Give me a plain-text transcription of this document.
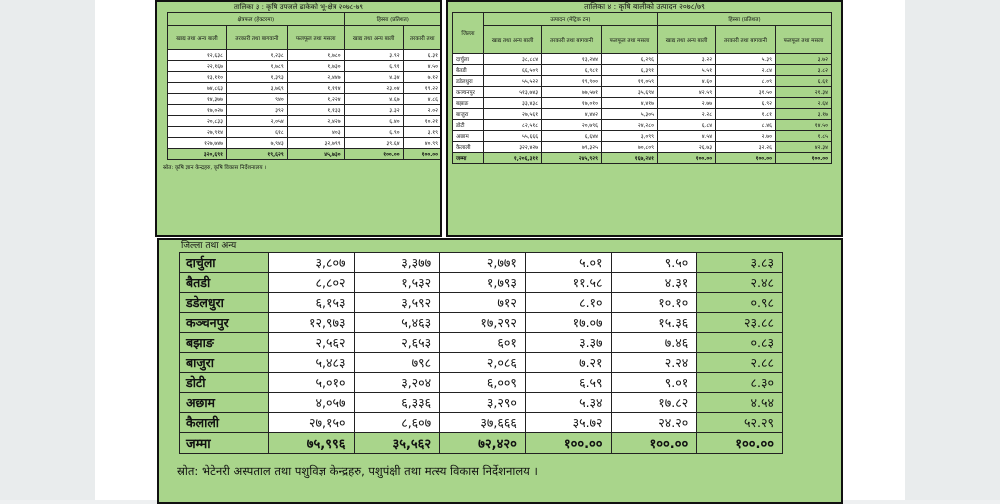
तालिका ३ : कृषि उपजले ढाकेको भू-क्षेत्र २०७८-७९
क्षेत्रफल (हेक्टरमा)			हिस्सा (प्रतिशत)	
खाद्य तथा अन्य बाली	तरकारी तथा बागवानी	फलफूल तथा मसला	खाद्य तथा अन्य बाली	तरकारी तथा
१२,६३८	१,२३८	१,७८०	३.९२	६.३१
२२,१६७	१,७८९	१,७३०	६.९१	४.५०
१३,११०	१,३९३	२,४४७	४.३४	७.१२
७४,८६३	३,७६९	१,११४	२३.०४	१९.२२
१४,३७७	९४०	१,२२४	४.६७	४.८६
१७,०२७	३९२	१,१३३	३.३२	२.०२
२०,८३३	२,०५४	२,४२७	६.४०	१०.२१
२७,९१४	६१८	४०३	६.९०	३.१९
१२७,७४७	७,९४३	३२,७९९	३९.६४	४०.९९
३२०,६९१	१९,६२९	४५,७३०	१००.००	१००.००
स्रोत: कृषि ज्ञान केन्द्रहरु, कृषि विकास निर्देशनालय ।
तालिका ४ : कृषि बालीको उत्पादन २०७८/७९
जिल्ला	उत्पादन (मेट्रिक टन)			हिस्सा (प्रतिशत)		
	खाद्य तथा अन्य बाली	तरकारी तथा बागवानी	फलफूल तथा मसला	खाद्य तथा अन्य बाली	तरकारी तथा बागवानी	फलफूल तथा मसला
दार्चुला	३८,८८४	१३,२४४	६,२९६	३.२२	५.३९	३.७२
बैतडी	६६,५०९	६,९८१	६,३९१	५.५१	२.८४	३.८२
डडेलधुरा	५५,५२२	१९,९००	११,०५९	४.६०	८.०९	६.६१
कञ्चनपुर	५१३,७४३	७७,५७१	३५,६९४	४२.५९	३१.५०	२१.३४
बझाङ	३३,४३८	१७,०१०	४,४१७	२.७७	६.९२	२.६४
बाजुरा	२७,५६१	४,४४२	५,३०५	२.२८	१.८१	३.१७
डोटी	८२,५१८	२०,७९६	२४,२८०	६.८४	८.४६	१४.५०
अछाम	५५,६६६	६,६४४	३,०९९	४.५४	२.७०	१.८५
कैलाली	३२२,४२७	७९,३२५	७०,८०९	२६.७३	३२.२६	४२.३४
जम्मा	१,२०६,३११	२४५,९२९	१६७,२४१	१००.००	१००.००	१००.००
जिल्ला तथा अन्य
दार्चुला	३,८०७	३,३७७	२,७७१	५.०१	९.५०	३.८३
बैतडी	८,८०२	१,५३२	१,७९३	११.५८	४.३१	२.४८
डडेलधुरा	६,१५३	३,५९२	७१२	८.१०	१०.१०	०.९८
कञ्चनपुर	१२,९७३	५,४६३	१७,२९२	१७.०७	१५.३६	२३.८८
बझाङ	२,५६२	२,६५३	६०१	३.३७	७.४६	०.८३
बाजुरा	५,४८३	७९८	२,०८६	७.२१	२.२४	२.८८
डोटी	५,०१०	३,२०४	६,००९	६.५९	९.०१	८.३०
अछाम	४,०५७	६,३३६	३,२९०	५.३४	१७.८२	४.५४
कैलाली	२७,१५०	८,६०७	३७,६६६	३५.७२	२४.२०	५२.२९
जम्मा	७५,९९६	३५,५६२	७२,४२०	१००.००	१००.००	१००.००
स्रोत: भेटेनरी अस्पताल तथा पशुविज्ञ केन्द्रहरु, पशुपंक्षी तथा मत्स्य विकास निर्देशनालय ।
